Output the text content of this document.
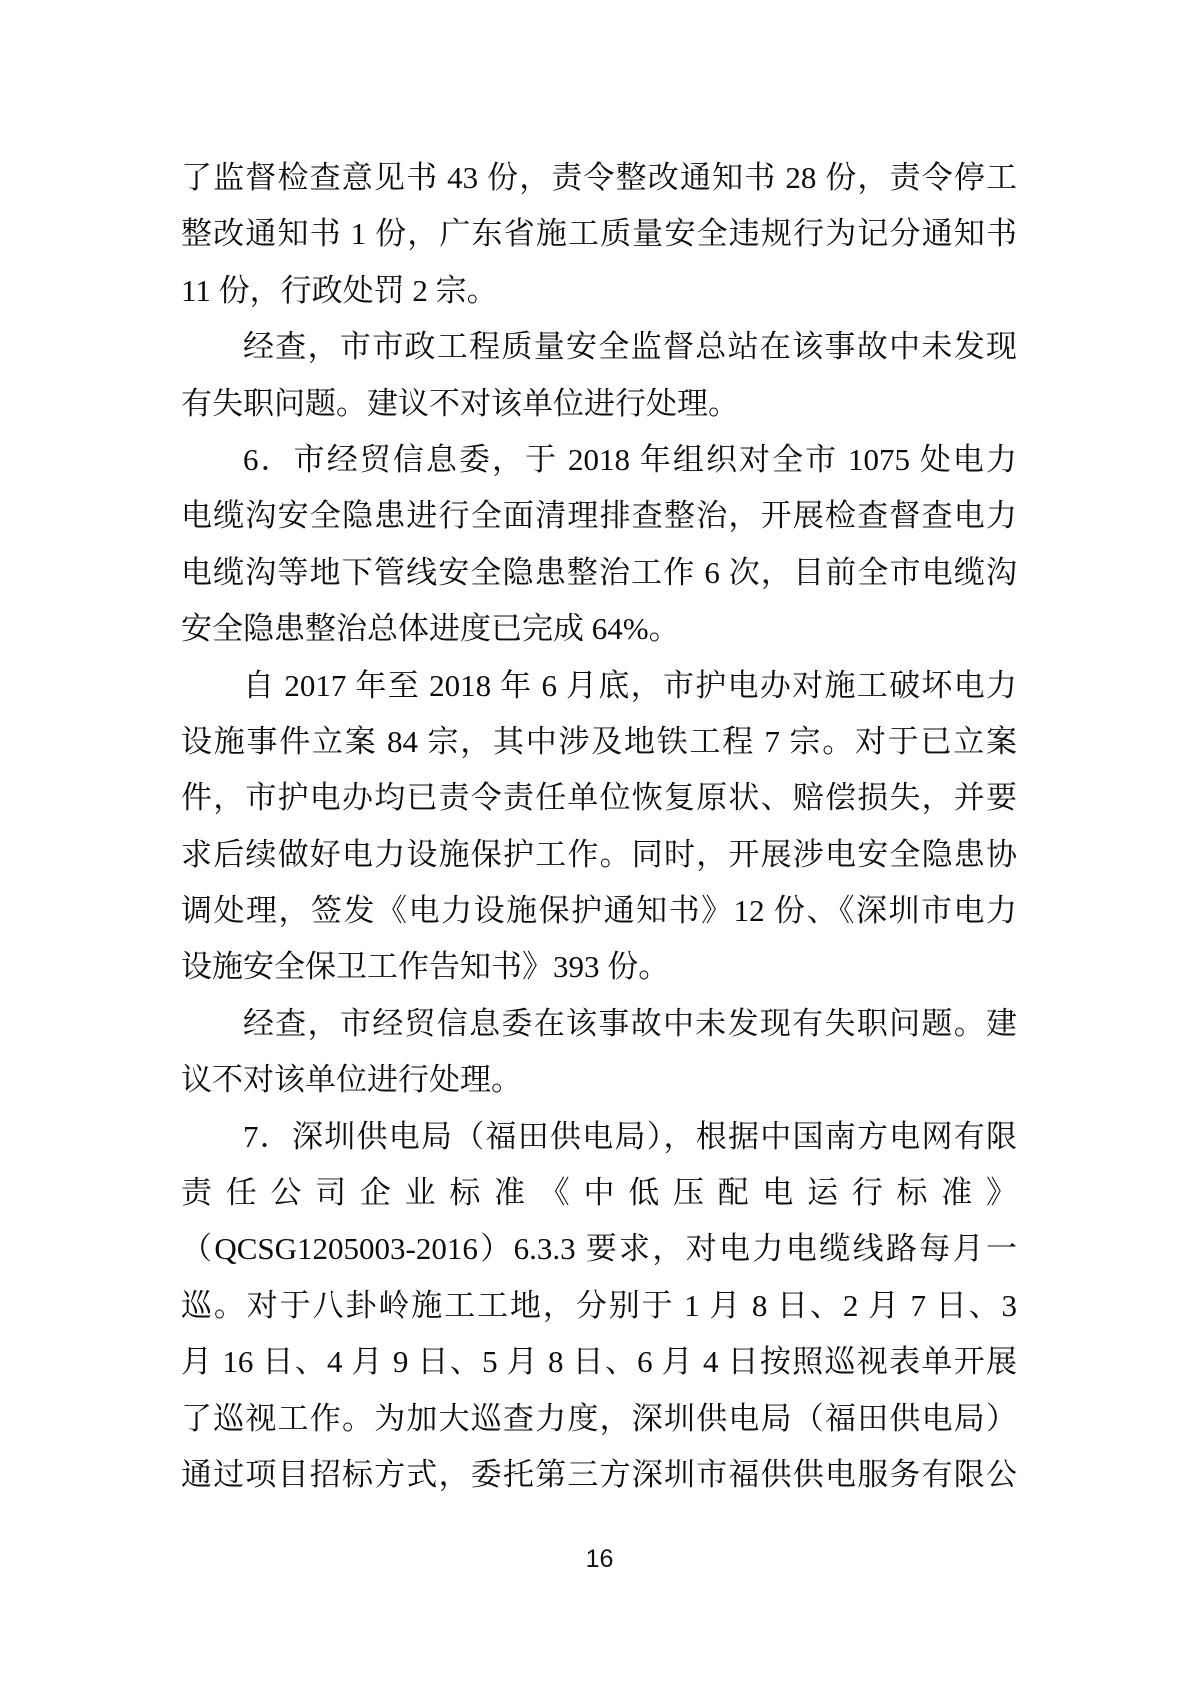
了监督检查意见书 43 份，责令整改通知书 28 份，责令停工
整改通知书 1 份，广东省施工质量安全违规行为记分通知书
11 份，行政处罚 2 宗。
经查，市市政工程质量安全监督总站在该事故中未发现
有失职问题。建议不对该单位进行处理。
6．市经贸信息委，于 2018 年组织对全市 1075 处电力
电缆沟安全隐患进行全面清理排查整治，开展检查督查电力
电缆沟等地下管线安全隐患整治工作 6 次，目前全市电缆沟
安全隐患整治总体进度已完成 64%。
自 2017 年至 2018 年 6 月底，市护电办对施工破坏电力
设施事件立案 84 宗，其中涉及地铁工程 7 宗。对于已立案
件，市护电办均已责令责任单位恢复原状、赔偿损失，并要
求后续做好电力设施保护工作。同时，开展涉电安全隐患协
调处理，签发《电力设施保护通知书》12 份、《深圳市电力
设施安全保卫工作告知书》393 份。
经查，市经贸信息委在该事故中未发现有失职问题。建
议不对该单位进行处理。
7．深圳供电局（福田供电局），根据中国南方电网有限
责任公司企业标准《中低压配电运行标准》
（QCSG1205003-2016）6.3.3 要求，对电力电缆线路每月一
巡。对于八卦岭施工工地，分别于 1 月 8 日、2 月 7 日、3
月 16 日、4 月 9 日、5 月 8 日、6 月 4 日按照巡视表单开展
了巡视工作。为加大巡查力度，深圳供电局（福田供电局）
通过项目招标方式，委托第三方深圳市福供供电服务有限公
16
